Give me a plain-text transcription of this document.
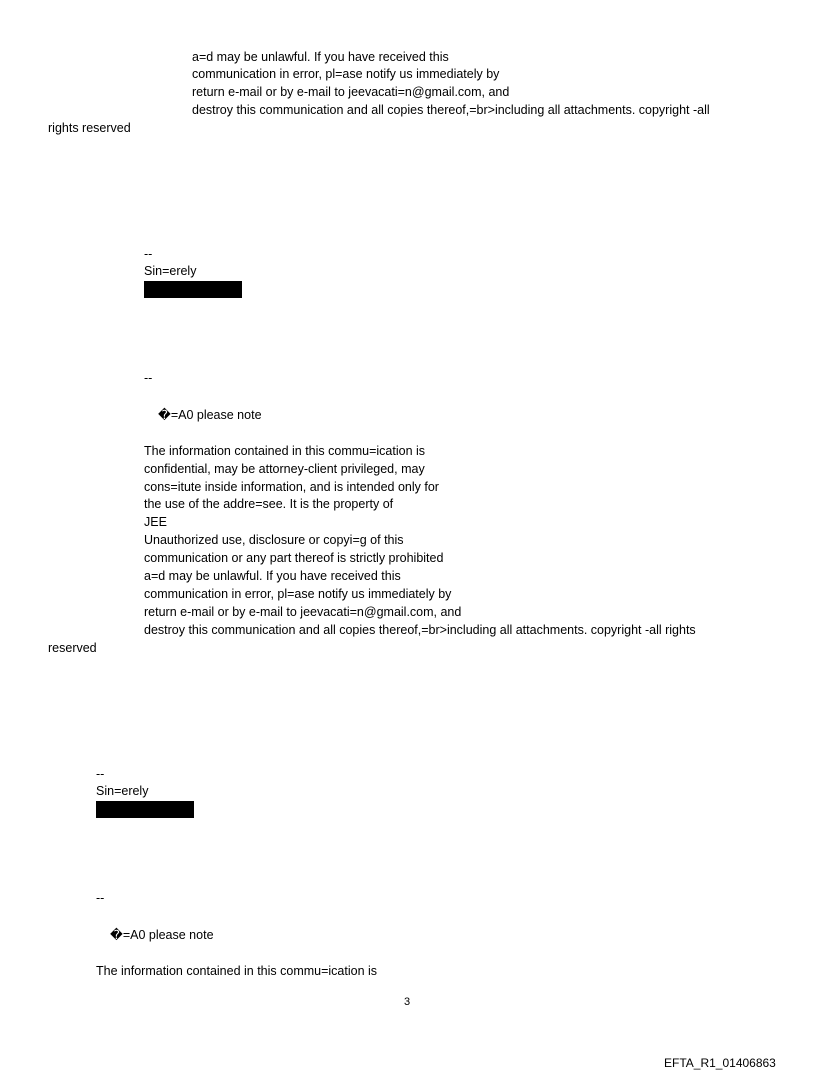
a=d may be unlawful. If you have received this
communication in error, pl=ase notify us immediately by
return e-mail or by e-mail to jeevacati=n@gmail.com, and
destroy this communication and all copies thereof,=br>including all attachments. copyright -all
rights reserved
--
Sin=erely
--
�=A0 please note
The information contained in this commu=ication is
confidential, may be attorney-client privileged, may
cons=itute inside information, and is intended only for
the use of the addre=see. It is the property of
JEE
Unauthorized use, disclosure or copyi=g of this
communication or any part thereof is strictly prohibited
a=d may be unlawful. If you have received this
communication in error, pl=ase notify us immediately by
return e-mail or by e-mail to jeevacati=n@gmail.com, and
destroy this communication and all copies thereof,=br>including all attachments. copyright -all rights
reserved
--
Sin=erely
--
�=A0 please note
The information contained in this commu=ication is
3
EFTA_R1_01406863
